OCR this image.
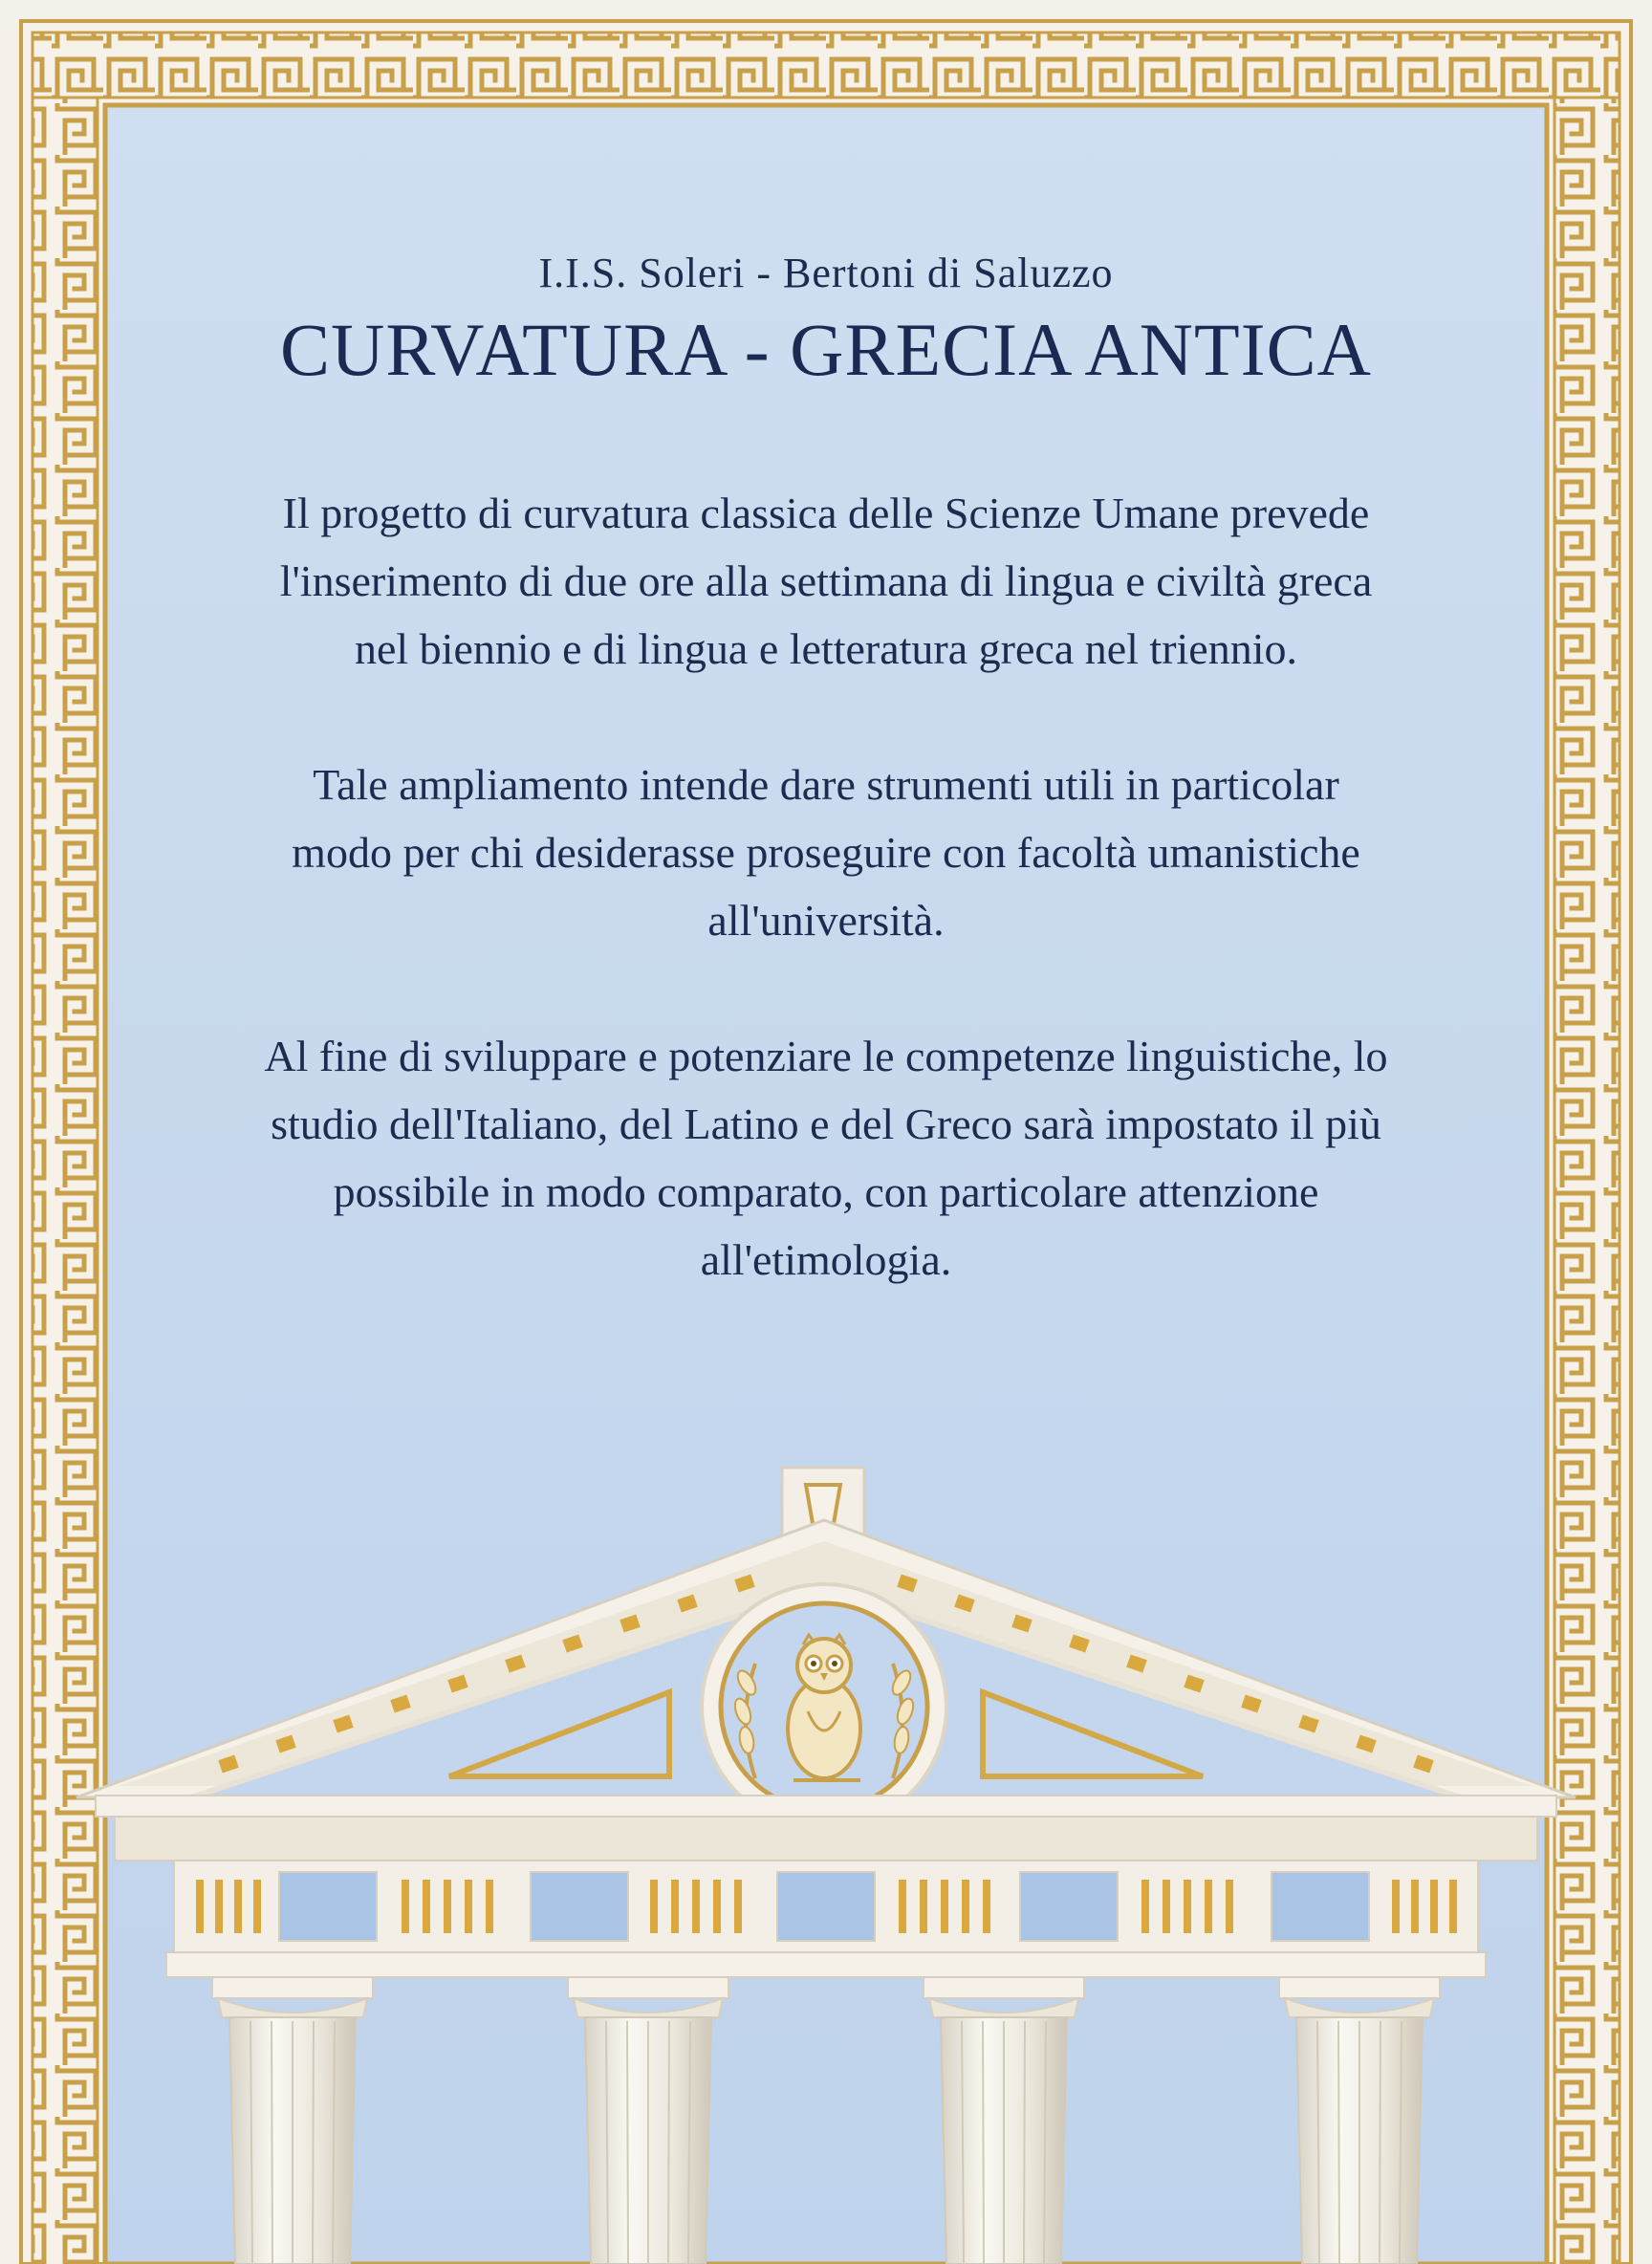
I.I.S. Soleri - Bertoni di Saluzzo

CURVATURA - GRECIA ANTICA

Il progetto di curvatura classica delle Scienze Umane prevede l'inserimento di due ore alla settimana di lingua e civiltà greca nel biennio e di lingua e letteratura greca nel triennio.

Tale ampliamento intende dare strumenti utili in particolar modo per chi desiderasse proseguire con facoltà umanistiche all'università.

Al fine di sviluppare e potenziare le competenze linguistiche, lo studio dell'Italiano, del Latino e del Greco sarà impostato il più possibile in modo comparato, con particolare attenzione all'etimologia.
